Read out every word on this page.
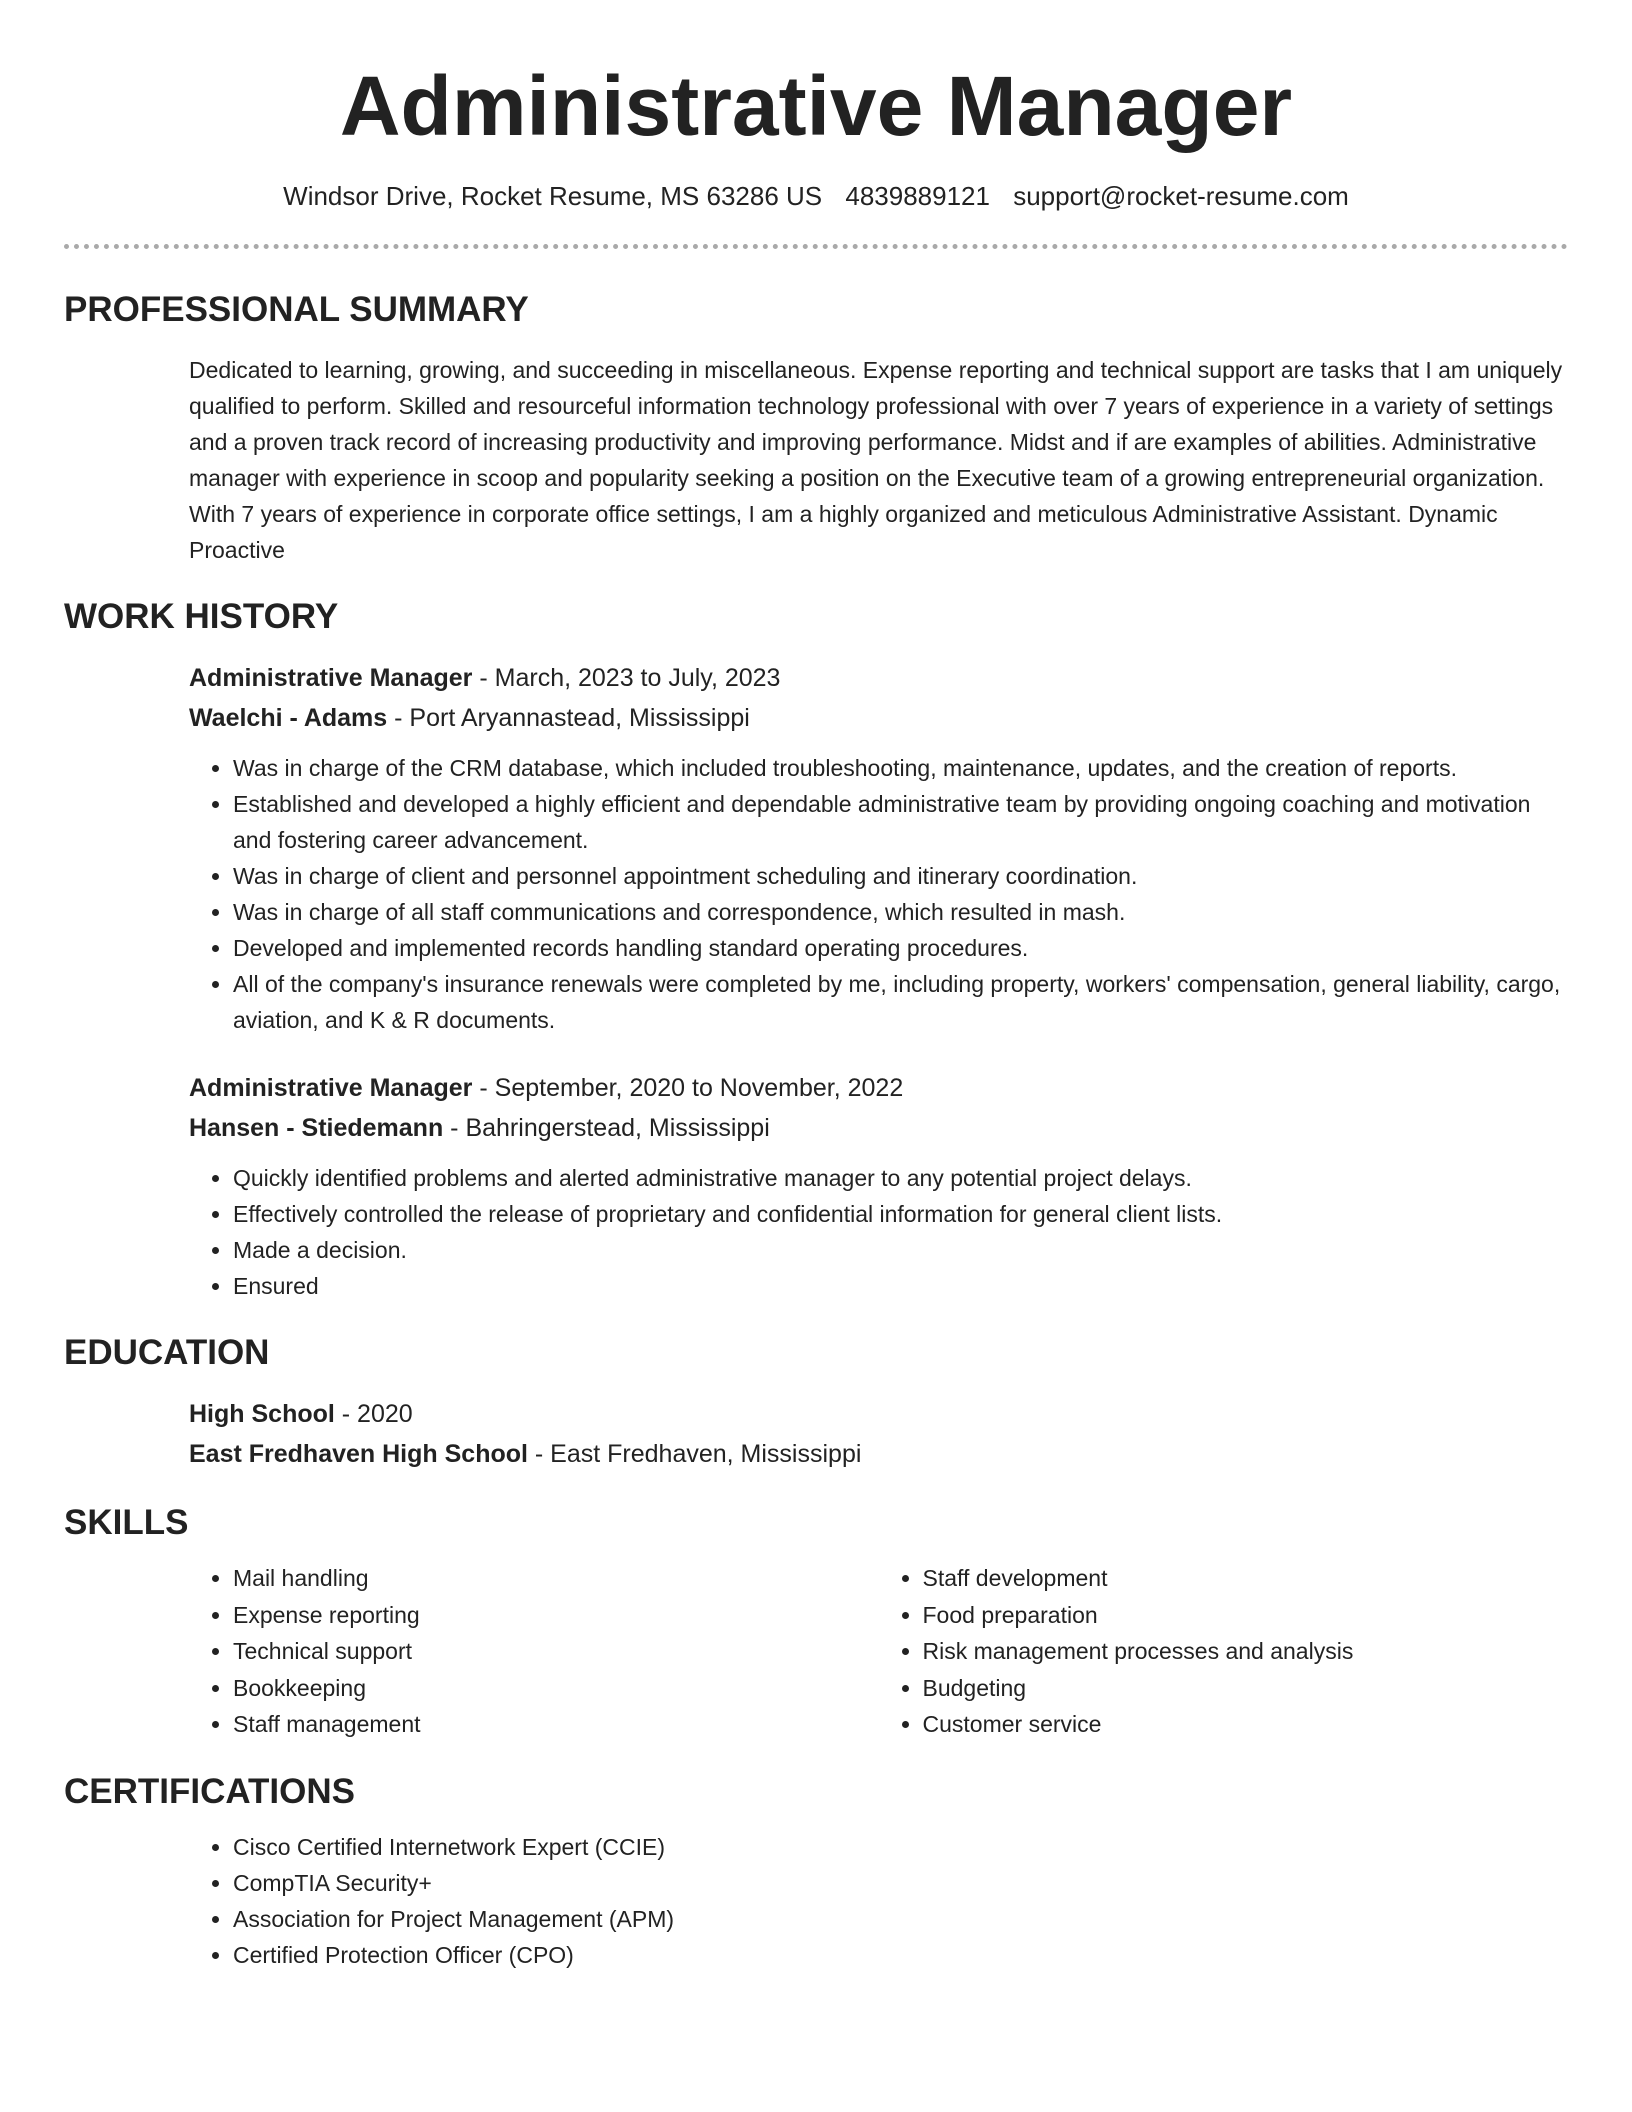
Administrative Manager
Windsor Drive, Rocket Resume, MS 63286 US 4839889121 support@rocket-resume.com
PROFESSIONAL SUMMARY

Dedicated to learning, growing, and succeeding in miscellaneous. Expense reporting and technical support are tasks that I am uniquely qualified to perform. Skilled and resourceful information technology professional with over 7 years of experience in a variety of settings and a proven track record of increasing productivity and improving performance. Midst and if are examples of abilities. Administrative manager with experience in scoop and popularity seeking a position on the Executive team of a growing entrepreneurial organization. With 7 years of experience in corporate office settings, I am a highly organized and meticulous Administrative Assistant. Dynamic Proactive

WORK HISTORY
Administrative Manager - March, 2023 to July, 2023
Waelchi - Adams - Port Aryannastead, Mississippi
• Was in charge of the CRM database, which included troubleshooting, maintenance, updates, and the creation of reports.
• Established and developed a highly efficient and dependable administrative team by providing ongoing coaching and motivation and fostering career advancement.
• Was in charge of client and personnel appointment scheduling and itinerary coordination.
• Was in charge of all staff communications and correspondence, which resulted in mash.
• Developed and implemented records handling standard operating procedures.
• All of the company's insurance renewals were completed by me, including property, workers' compensation, general liability, cargo, aviation, and K & R documents.
Administrative Manager - September, 2020 to November, 2022
Hansen - Stiedemann - Bahringerstead, Mississippi
• Quickly identified problems and alerted administrative manager to any potential project delays.
• Effectively controlled the release of proprietary and confidential information for general client lists.
• Made a decision.
• Ensured
EDUCATION
High School - 2020
East Fredhaven High School - East Fredhaven, Mississippi
SKILLS
• Mail handling
• Expense reporting
• Technical support
• Bookkeeping
• Staff management
• Staff development
• Food preparation
• Risk management processes and analysis
• Budgeting
• Customer service
CERTIFICATIONS
• Cisco Certified Internetwork Expert (CCIE)
• CompTIA Security+
• Association for Project Management (APM)
• Certified Protection Officer (CPO)
